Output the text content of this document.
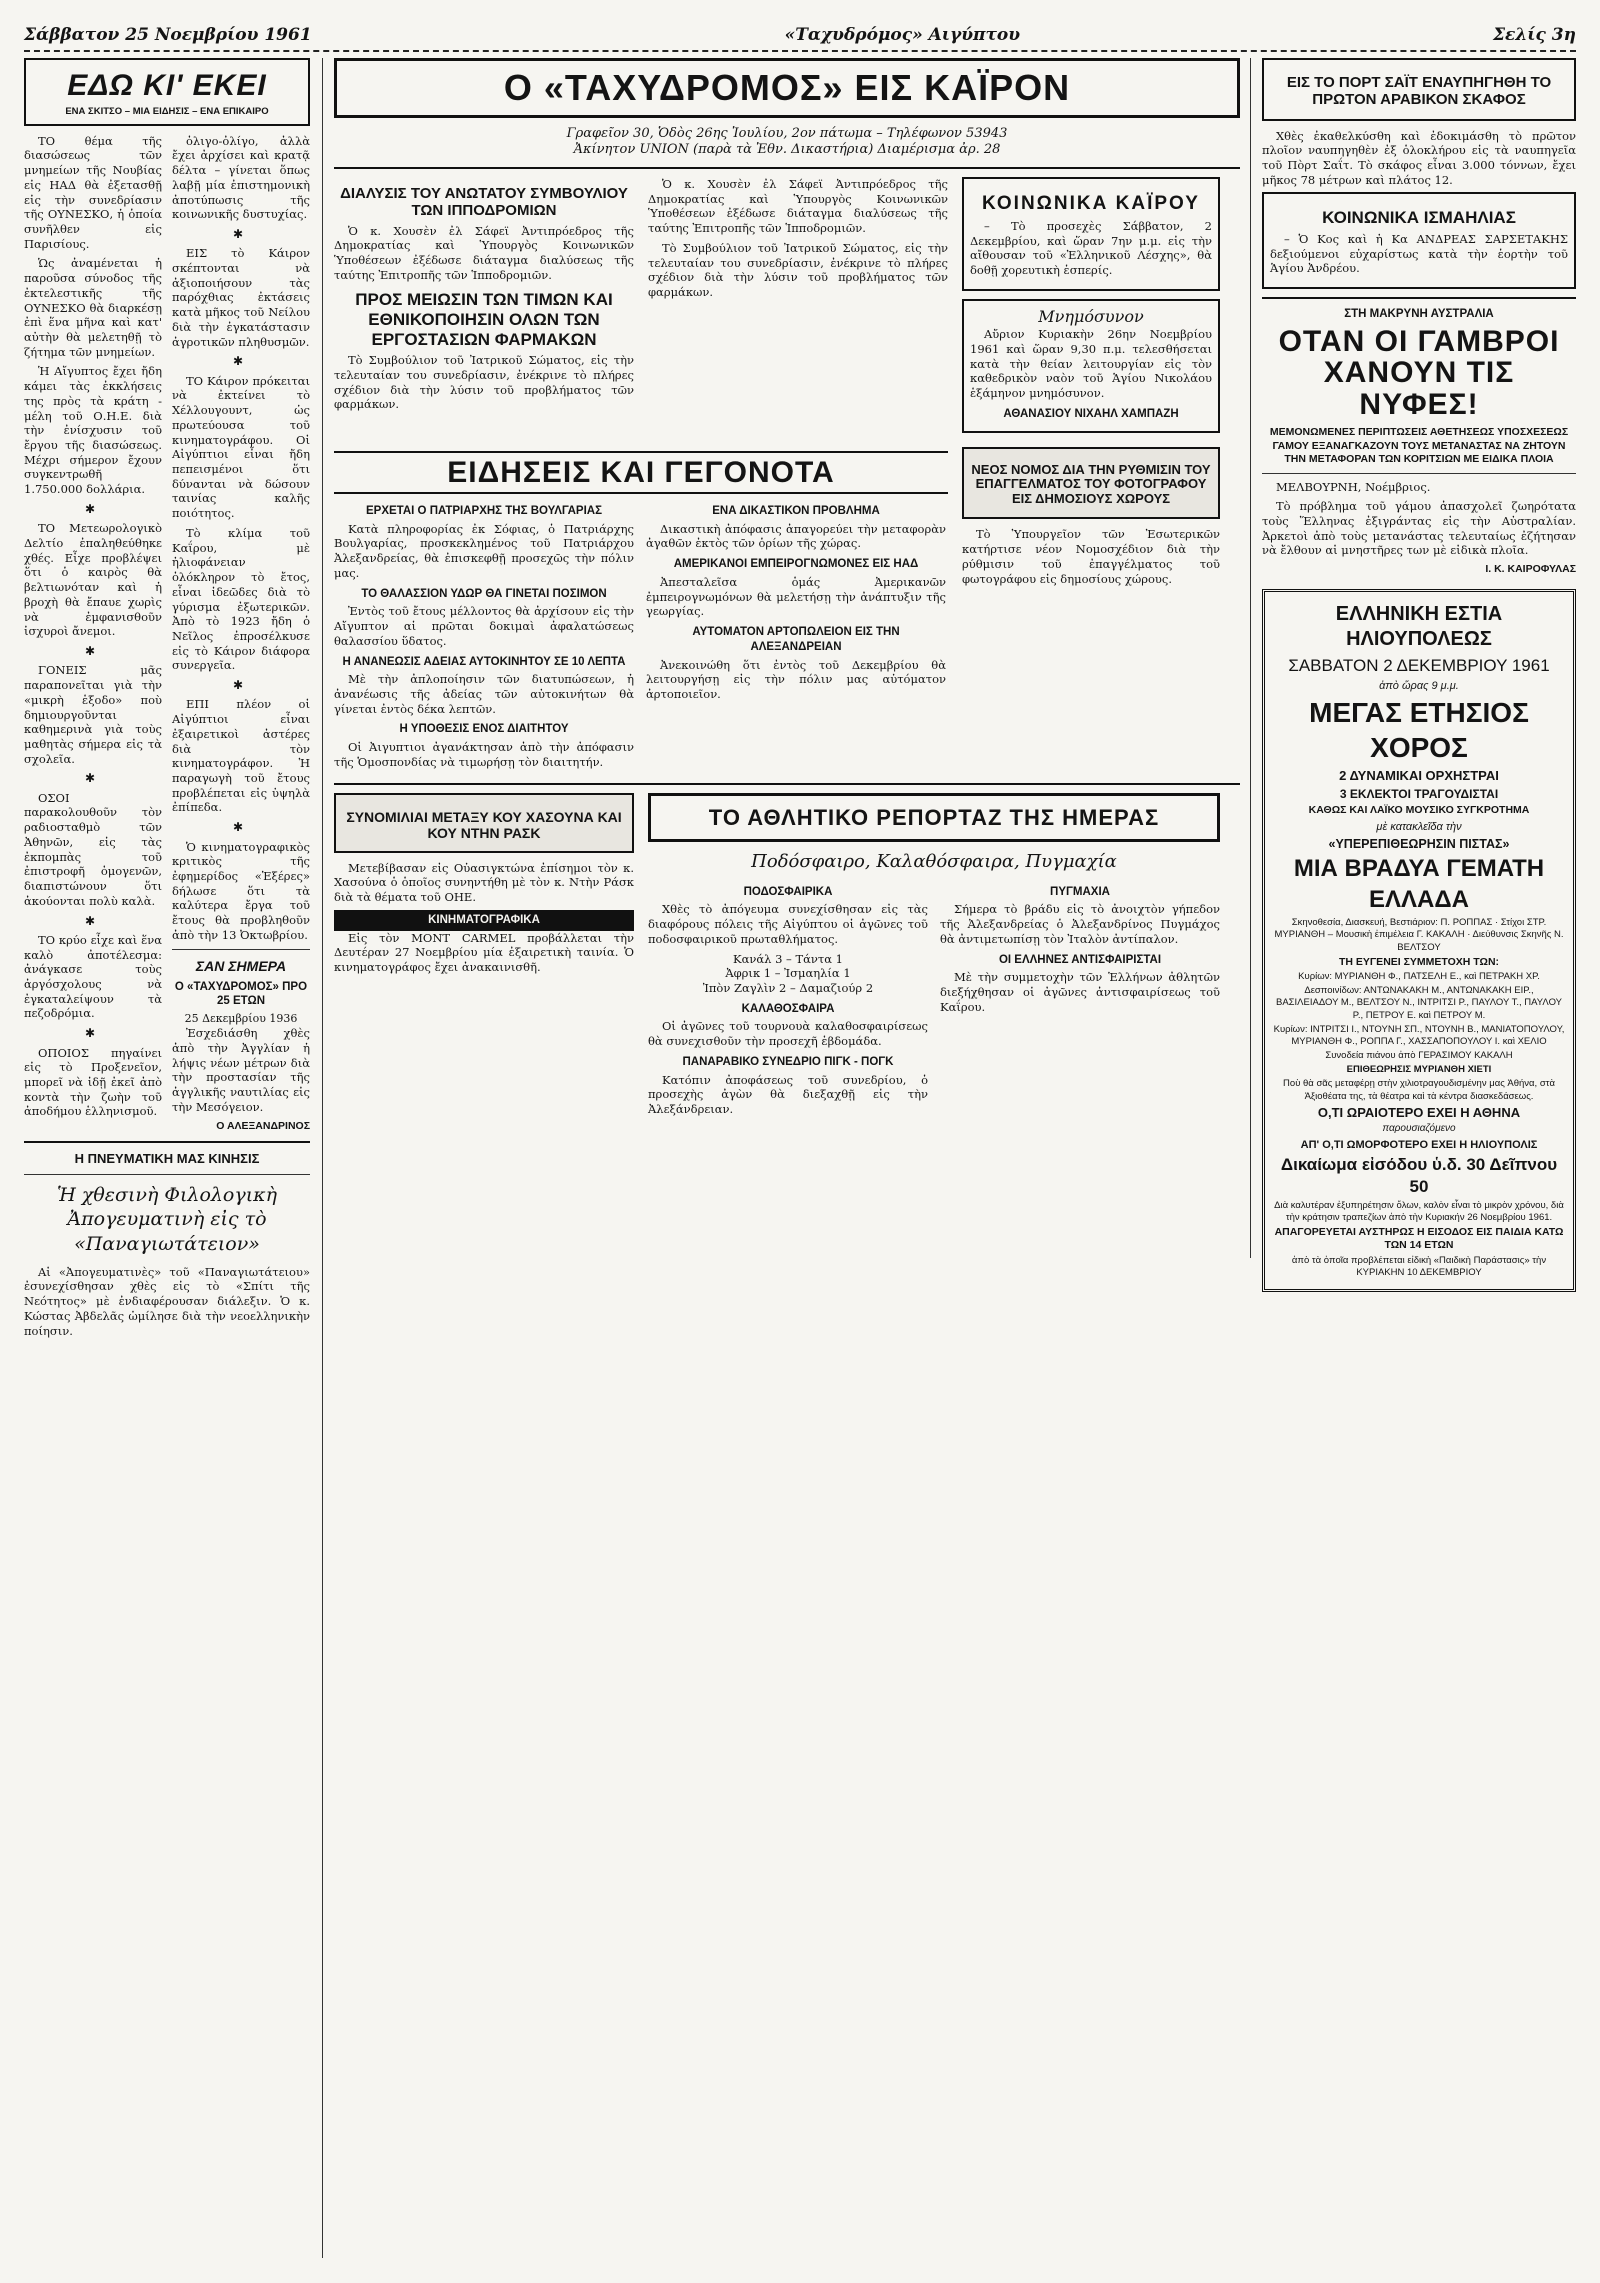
Σάββατον 25 Νοεμβρίου 1961	«Ταχυδρόμος» Αιγύπτου	Σελίς 3η
ΕΔΩ ΚΙ' ΕΚΕΙ
ΕΝΑ ΣΚΙΤΣΟ – ΜΙΑ ΕΙΔΗΣΙΣ – ΕΝΑ ΕΠΙΚΑΙΡΟ

ΤΟ θέμα τῆς διασώσεως τῶν μνημείων τῆς Νουβίας εἰς ΗΑΔ θὰ ἐξετασθῇ εἰς τὴν συνεδρίασιν τῆς ΟΥΝΕΣΚΟ, ἡ ὁποία συνῆλθεν εἰς Παρισίους.

Ὡς ἀναμένεται ἡ παροῦσα σύνοδος τῆς ἐκτελεστικῆς τῆς ΟΥΝΕΣΚΟ θὰ διαρκέσῃ ἐπὶ ἕνα μῆνα καὶ κατ' αὐτὴν θὰ μελετηθῇ τὸ ζήτημα τῶν μνημείων.

Ἡ Αἴγυπτος ἔχει ἤδη κάμει τὰς ἐκκλήσεις της πρὸς τὰ κράτη - μέλη τοῦ Ο.Η.Ε. διὰ τὴν ἐνίσχυσιν τοῦ ἔργου τῆς διασώσεως. Μέχρι σήμερον ἔχουν συγκεντρωθῆ 1.750.000 δολλάρια.

✱

ΤΟ Μετεωρολογικὸ Δελτίο ἐπαληθεύθηκε χθές. Εἶχε προβλέψει ὅτι ὁ καιρὸς θὰ βελτιωνόταν καὶ ἡ βροχὴ θὰ ἔπαυε χωρὶς νὰ ἐμφανισθοῦν ἰσχυροὶ ἄνεμοι.

✱

ΓΟΝΕΙΣ μᾶς παραπονεῖται γιὰ τὴν «μικρὴ ἑξοδο» ποὺ δημιουργοῦνται καθημερινὰ γιὰ τοὺς μαθητὰς σήμερα εἰς τὰ σχολεῖα.

✱

ΟΣΟΙ παρακολουθοῦν τὸν ραδιοσταθμὸ τῶν Ἀθηνῶν, εἰς τὰς ἐκπομπὰς τοῦ ἐπιστροφῆ ὁμογενῶν, διαπιστώνουν ὅτι ἀκούονται πολὺ καλὰ.

✱

ΤΟ κρύο εἶχε καὶ ἕνα καλὸ ἀποτέλεσμα: ἀνάγκασε τοὺς ἀργόσχολους νὰ ἐγκαταλείψουν τὰ πεζοδρόμια.

✱

ΟΠΟΙΟΣ πηγαίνει εἰς τὸ Προξενεῖον, μπορεῖ νὰ ἰδῇ ἐκεῖ ἀπὸ κοντὰ τὴν ζωὴν τοῦ ἀποδήμου ἑλληνισμοῦ.

ὁλιγο-ὀλίγο, ἀλλὰ ἔχει ἀρχίσει καὶ κρατᾷ δέλτα – γίνεται ὅπως λαβῇ μία ἐπιστημονικὴ ἀποτύπωσις τῆς κοινωνικῆς δυστυχίας.

✱

ΕΙΣ τὸ Κάιρον σκέπτονται νὰ ἀξιοποιήσουν τὰς παρόχθιας ἐκτάσεις κατὰ μῆκος τοῦ Νείλου διὰ τὴν ἐγκατάστασιν ἀγροτικῶν πληθυσμῶν.

✱

ΤΟ Κάιρον πρόκειται νὰ ἐκτείνει τὸ Χέλλουγουντ, ὡς πρωτεύουσα τοῦ κινηματογράφου. Οἱ Αἰγύπτιοι εἶναι ἤδη πεπεισμένοι ὅτι δύνανται νὰ δώσουν ταινίας καλῆς ποιότητος.

Τὸ κλίμα τοῦ Καΐρου, μὲ ἡλιοφάνειαν ὁλόκληρον τὸ ἔτος, εἶναι ἰδεῶδες διὰ τὸ γύρισμα ἐξωτερικῶν. Ἀπὸ τὸ 1923 ἤδη ὁ Νεῖλος ἐπροσέλκυσε εἰς τὸ Κάιρον διάφορα συνεργεῖα.

✱

ΕΠΙ πλέον οἱ Αἰγύπτιοι εἶναι ἐξαιρετικοὶ ἀστέρες διὰ τὸν κινηματογράφον. Ἡ παραγωγὴ τοῦ ἔτους προβλέπεται εἰς ὑψηλὰ ἐπίπεδα.

✱

Ὁ κινηματογραφικὸς κριτικὸς τῆς ἐφημερίδος «Ἑξέρες» δήλωσε ὅτι τὰ καλύτερα ἔργα τοῦ ἔτους θὰ προβληθοῦν ἀπὸ τὴν 13 Ὀκτωβρίου.

ΣΑΝ ΣΗΜΕΡΑ
Ο «ΤΑΧΥΔΡΟΜΟΣ» ΠΡΟ 25 ΕΤΩΝ
25 Δεκεμβρίου 1936

Ἐσχεδιάσθη χθὲς ἀπὸ τὴν Ἀγγλίαν ἡ λήψις νέων μέτρων διὰ τὴν προστασίαν τῆς ἀγγλικῆς ναυτιλίας εἰς τὴν Μεσόγειον.

Ο ΑΛΕΞΑΝΔΡΙΝΟΣ
Η ΠΝΕΥΜΑΤΙΚΗ ΜΑΣ ΚΙΝΗΣΙΣ
Ἡ χθεσινὴ Φιλολογικὴ Ἀπογευματινὴ εἰς τὸ «Παναγιωτάτειον»

Αἱ «Ἀπογευματινὲς» τοῦ «Παναγιωτάτειου» ἐσυνεχίσθησαν χθὲς εἰς τὸ «Σπίτι τῆς Νεότητος» μὲ ἐνδιαφέρουσαν διάλεξιν. Ὁ κ. Κώστας Ἀβδελᾶς ὡμίλησε διὰ τὴν νεοελληνικὴν ποίησιν.

Ο «ΤΑΧΥΔΡΟΜΟΣ» ΕΙΣ ΚΑΪΡΟΝ
Γραφεῖον 30, Ὁδὸς 26ης Ἰουλίου, 2ον πάτωμα – Τηλέφωνον 53943
Ἀκίνητον UNION (παρὰ τὰ Ἐθν. Δικαστήρια) Διαμέρισμα ἀρ. 28
ΔΙΑΛΥΣΙΣ ΤΟΥ ΑΝΩΤΑΤΟΥ ΣΥΜΒΟΥΛΙΟΥ ΤΩΝ ΙΠΠΟΔΡΟΜΙΩΝ

Ὁ κ. Χουσὲν ἐλ Σάφεϊ Ἀντιπρόεδρος τῆς Δημοκρατίας καὶ Ὑπουργὸς Κοινωνικῶν Ὑποθέσεων ἐξέδωσε διάταγμα διαλύσεως τῆς ταύτης Ἐπιτροπῆς τῶν Ἱπποδρομιῶν.

ΠΡΟΣ ΜΕΙΩΣΙΝ ΤΩΝ ΤΙΜΩΝ ΚΑΙ ΕΘΝΙΚΟΠΟΙΗΣΙΝ ΟΛΩΝ ΤΩΝ ΕΡΓΟΣΤΑΣΙΩΝ ΦΑΡΜΑΚΩΝ

Τὸ Συμβούλιον τοῦ Ἰατρικοῦ Σώματος, εἰς τὴν τελευταίαν του συνεδρίασιν, ἐνέκρινε τὸ πλήρες σχέδιον διὰ τὴν λύσιν τοῦ προβλήματος τῶν φαρμάκων.

Ὁ κ. Χουσὲν ἐλ Σάφεϊ Ἀντιπρόεδρος τῆς Δημοκρατίας καὶ Ὑπουργὸς Κοινωνικῶν Ὑποθέσεων ἐξέδωσε διάταγμα διαλύσεως τῆς ταύτης Ἐπιτροπῆς τῶν Ἱπποδρομιῶν.

Τὸ Συμβούλιον τοῦ Ἰατρικοῦ Σώματος, εἰς τὴν τελευταίαν του συνεδρίασιν, ἐνέκρινε τὸ πλήρες σχέδιον διὰ τὴν λύσιν τοῦ προβλήματος τῶν φαρμάκων.

ΚΟΙΝΩΝΙΚΑ ΚΑΪΡΟΥ

– Τὸ προσεχὲς Σάββατον, 2 Δεκεμβρίου, καὶ ὥραν 7ην μ.μ. εἰς τὴν αἴθουσαν τοῦ «Ἑλληνικοῦ Λέσχης», θὰ δοθῇ χορευτικὴ ἑσπερίς.

Μνημόσυνον

Αὔριον Κυριακὴν 26ην Νοεμβρίου 1961 καὶ ὥραν 9,30 π.μ. τελεσθήσεται κατὰ τὴν θείαν λειτουργίαν εἰς τὸν καθεδρικὸν ναὸν τοῦ Ἁγίου Νικολάου ἑξάμηνον μνημόσυνον.

ΑΘΑΝΑΣΙΟΥ ΝΙΧΑΗΛ ΧΑΜΠΑΖΗ
ΕΙΔΗΣΕΙΣ ΚΑΙ ΓΕΓΟΝΟΤΑ
ΕΡΧΕΤΑΙ Ο ΠΑΤΡΙΑΡΧΗΣ ΤΗΣ ΒΟΥΛΓΑΡΙΑΣ

Κατὰ πληροφορίας ἐκ Σόφιας, ὁ Πατριάρχης Βουλγαρίας, προσκεκλημένος τοῦ Πατριάρχου Ἀλεξανδρείας, θὰ ἐπισκεφθῇ προσεχῶς τὴν πόλιν μας.

ΤΟ ΘΑΛΑΣΣΙΟΝ ΥΔΩΡ ΘΑ ΓΙΝΕΤΑΙ ΠΟΣΙΜΟΝ

Ἐντὸς τοῦ ἔτους μέλλοντος θὰ ἀρχίσουν εἰς τὴν Αἴγυπτον αἱ πρῶται δοκιμαὶ ἀφαλατώσεως θαλασσίου ὕδατος.

Η ΑΝΑΝΕΩΣΙΣ ΑΔΕΙΑΣ ΑΥΤΟΚΙΝΗΤΟΥ ΣΕ 10 ΛΕΠΤΑ

Μὲ τὴν ἀπλοποίησιν τῶν διατυπώσεων, ἡ ἀνανέωσις τῆς ἀδείας τῶν αὐτοκινήτων θὰ γίνεται ἐντὸς δέκα λεπτῶν.

Η ΥΠΟΘΕΣΙΣ ΕΝΟΣ ΔΙΑΙΤΗΤΟΥ

Οἱ Ἀιγυπτιοι ἀγανάκτησαν ἀπὸ τὴν ἀπόφασιν τῆς Ὁμοσπονδίας νὰ τιμωρήσῃ τὸν διαιτητήν.

ΕΝΑ ΔΙΚΑΣΤΙΚΟΝ ΠΡΟΒΛΗΜΑ

Δικαστικὴ ἀπόφασις ἀπαγορεύει τὴν μεταφορὰν ἀγαθῶν ἐκτὸς τῶν ὁρίων τῆς χώρας.

ΑΜΕΡΙΚΑΝΟΙ ΕΜΠΕΙΡΟΓΝΩΜΟΝΕΣ ΕΙΣ ΗΑΔ

Ἀπεσταλεῖσα ὁμάς Ἀμερικανῶν ἐμπειρογνωμόνων θὰ μελετήσῃ τὴν ἀνάπτυξιν τῆς γεωργίας.

ΑΥΤΟΜΑΤΟΝ ΑΡΤΟΠΩΛΕΙΟΝ ΕΙΣ ΤΗΝ ΑΛΕΞΑΝΔΡΕΙΑΝ

Ἀνεκοινώθη ὅτι ἐντὸς τοῦ Δεκεμβρίου θὰ λειτουργήσῃ εἰς τὴν πόλιν μας αὐτόματον ἀρτοποιεῖον.

ΝΕΟΣ ΝΟΜΟΣ ΔΙΑ ΤΗΝ ΡΥΘΜΙΣΙΝ ΤΟΥ ΕΠΑΓΓΕΛΜΑΤΟΣ ΤΟΥ ΦΟΤΟΓΡΑΦΟΥ ΕΙΣ ΔΗΜΟΣΙΟΥΣ ΧΩΡΟΥΣ

Τὸ Ὑπουργεῖον τῶν Ἐσωτερικῶν κατήρτισε νέον Νομοσχέδιον διὰ τὴν ρύθμισιν τοῦ ἐπαγγέλματος τοῦ φωτογράφου εἰς δημοσίους χώρους.

ΣΥΝΟΜΙΛΙΑΙ ΜΕΤΑΞΥ ΚΟΥ ΧΑΣΟΥΝΑ ΚΑΙ ΚΟΥ ΝΤΗΝ ΡΑΣΚ

Μετεβίβασαν εἰς Οὐασιγκτώνα ἐπίσημοι τὸν κ. Χασούνα ὁ ὁποῖος συνηντήθη μὲ τὸν κ. Ντὴν Ράσκ διὰ τὰ θέματα τοῦ ΟΗΕ.

ΚΙΝΗΜΑΤΟΓΡΑΦΙΚΑ

Εἰς τὸν MONT CARMEL προβάλλεται τὴν Δευτέραν 27 Νοεμβρίου μία ἐξαιρετικὴ ταινία. Ὁ κινηματογράφος ἔχει ἀνακαινισθῆ.

ΤΟ ΑΘΛΗΤΙΚΟ ΡΕΠΟΡΤΑΖ ΤΗΣ ΗΜΕΡΑΣ
Ποδόσφαιρο, Καλαθόσφαιρα, Πυγμαχία
ΠΟΔΟΣΦΑΙΡΙΚΑ

Χθὲς τὸ ἀπόγευμα συνεχίσθησαν εἰς τὰς διαφόρους πόλεις τῆς Αἰγύπτου οἱ ἀγῶνες τοῦ ποδοσφαιρικοῦ πρωταθλήματος.

Κανάλ 3 – Τάντα 1
Ἀφρικ 1 – Ἰσμαηλία 1
Ἰπὸν Ζαγλὶν 2 – Δαμαζιούρ 2
ΚΑΛΑΘΟΣΦΑΙΡΑ

Οἱ ἀγῶνες τοῦ τουρνουὰ καλαθοσφαιρίσεως θὰ συνεχισθοῦν τὴν προσεχῆ ἑβδομάδα.

ΠΑΝΑΡΑΒΙΚΟ ΣΥΝΕΔΡΙΟ ΠΙΓΚ - ΠΟΓΚ

Κατόπιν ἀποφάσεως τοῦ συνεδρίου, ὁ προσεχὴς ἀγὼν θὰ διεξαχθῇ εἰς τὴν Ἀλεξάνδρειαν.

ΠΥΓΜΑΧΙΑ

Σήμερα τὸ βράδυ εἰς τὸ ἀνοιχτὸν γήπεδον τῆς Ἀλεξανδρείας ὁ Ἀλεξανδρίνος Πυγμάχος θὰ ἀντιμετωπίσῃ τὸν Ἰταλὸν ἀντίπαλον.

ΟΙ ΕΛΛΗΝΕΣ ΑΝΤΙΣΦΑΙΡΙΣΤΑΙ

Μὲ τὴν συμμετοχὴν τῶν Ἑλλήνων ἀθλητῶν διεξήχθησαν οἱ ἀγῶνες ἀντισφαιρίσεως τοῦ Καΐρου.

ΕΙΣ ΤΟ ΠΟΡΤ ΣΑΪΤ ΕΝΑΥΠΗΓΗΘΗ ΤΟ ΠΡΩΤΟΝ ΑΡΑΒΙΚΟΝ ΣΚΑΦΟΣ

Χθὲς ἐκαθελκύσθη καὶ ἐδοκιμάσθη τὸ πρῶτον πλοῖον ναυπηγηθὲν ἐξ ὁλοκλήρου εἰς τὰ ναυπηγεῖα τοῦ Πὸρτ Σαΐτ. Τὸ σκάφος εἶναι 3.000 τόννων, ἔχει μῆκος 78 μέτρων καὶ πλάτος 12.

ΚΟΙΝΩΝΙΚΑ ΙΣΜΑΗΛΙΑΣ

– Ὁ Κος καὶ ἡ Κα ΑΝΔΡΕΑΣ ΣΑΡΣΕΤΑΚΗΣ δεξιούμενοι εὐχαρίστως κατὰ τὴν ἑορτὴν τοῦ Ἁγίου Ἀνδρέου.

ΣΤΗ ΜΑΚΡΥΝΗ ΑΥΣΤΡΑΛΙΑ
ΟΤΑΝ ΟΙ ΓΑΜΒΡΟΙ ΧΑΝΟΥΝ ΤΙΣ ΝΥΦΕΣ!
ΜΕΜΟΝΩΜΕΝΕΣ ΠΕΡΙΠΤΩΣΕΙΣ ΑΘΕΤΗΣΕΩΣ ΥΠΟΣΧΕΣΕΩΣ ΓΑΜΟΥ ΕΞΑΝΑΓΚΑΖΟΥΝ ΤΟΥΣ ΜΕΤΑΝΑΣΤΑΣ ΝΑ ΖΗΤΟΥΝ ΤΗΝ ΜΕΤΑΦΟΡΑΝ ΤΩΝ ΚΟΡΙΤΣΙΩΝ ΜΕ ΕΙΔΙΚΑ ΠΛΟΙΑ

ΜΕΛΒΟΥΡΝΗ, Νοέμβριος.

Τὸ πρόβλημα τοῦ γάμου ἀπασχολεῖ ζωηρότατα τοὺς Ἕλληνας ἐξιγράντας εἰς τὴν Αὐστραλίαν. Ἀρκετοὶ ἀπὸ τοὺς μετανάστας τελευταίως ἐζήτησαν νὰ ἔλθουν αἱ μνηστῆρες των μὲ εἰδικὰ πλοῖα.

Ι. Κ. ΚΑΙΡΟΦΥΛΑΣ
ΕΛΛΗΝΙΚΗ ΕΣΤΙΑ ΗΛΙΟΥΠΟΛΕΩΣ
ΣΑΒΒΑΤΟΝ 2 ΔΕΚΕΜΒΡΙΟΥ 1961
ἀπὸ ὥρας 9 μ.μ.
ΜΕΓΑΣ ΕΤΗΣΙΟΣ ΧΟΡΟΣ
2 ΔΥΝΑΜΙΚΑΙ ΟΡΧΗΣΤΡΑΙ
3 ΕΚΛΕΚΤΟΙ ΤΡΑΓΟΥΔΙΣΤΑΙ
ΚΑΘΩΣ ΚΑΙ ΛΑΪΚΟ ΜΟΥΣΙΚΟ ΣΥΓΚΡΟΤΗΜΑ
μὲ κατακλεῖδα τὴν
«ΥΠΕΡΕΠΙΘΕΩΡΗΣΙΝ ΠΙΣΤΑΣ»
ΜΙΑ ΒΡΑΔΥΑ ΓΕΜΑΤΗ ΕΛΛΑΔΑ
Σκηνοθεσία, Διασκευή, Βεστιάριον: Π. ΡΟΠΠΑΣ · Στίχοι ΣΤΡ. ΜΥΡΙΑΝΘΗ – Μουσικὴ ἐπιμέλεια Γ. ΚΑΚΑΛΗ · Διεύθυνσις Σκηνῆς Ν. ΒΕΛΤΣΟΥ
ΤΗ ΕΥΓΕΝΕΙ ΣΥΜΜΕΤΟΧΗ ΤΩΝ:
Κυρίων: ΜΥΡΙΑΝΘΗ Φ., ΠΑΤΣΕΛΗ Ε., καὶ ΠΕΤΡΑΚΗ ΧΡ.
Δεσποινίδων: ΑΝΤΩΝΑΚΑΚΗ Μ., ΑΝΤΩΝΑΚΑΚΗ ΕΙΡ., ΒΑΣΙΛΕΙΑΔΟΥ Μ., ΒΕΛΤΣΟΥ Ν., ΙΝΤΡΙΤΣΙ Ρ., ΠΑΥΛΟΥ Τ., ΠΑΥΛΟΥ Ρ., ΠΕΤΡΟΥ Ε. καὶ ΠΕΤΡΟΥ Μ.
Κυρίων: ΙΝΤΡΙΤΣΙ Ι., ΝΤΟΥΝΗ ΣΠ., ΝΤΟΥΝΗ Β., ΜΑΝΙΑΤΟΠΟΥΛΟΥ, ΜΥΡΙΑΝΘΗ Φ., ΡΟΠΠΑ Γ., ΧΑΣΣΑΠΟΠΟΥΛΟΥ Ι. καὶ ΧΕΛΙΟ
Συνοδεία πιάνου ἀπὸ ΓΕΡΑΣΙΜΟΥ ΚΑΚΑΛΗ
ΕΠΙΘΕΩΡΗΣΙΣ ΜΥΡΙΑΝΘΗ ΧΙΕΤΙ
Ποὺ θὰ σᾶς μεταφέρῃ στὴν χιλιοτραγουδισμένην μας Ἀθήνα, στὰ Ἀξιοθέατα της, τὰ θέατρα καὶ τὰ κέντρα διασκεδάσεως.
Ο,ΤΙ ΩΡΑΙΟΤΕΡΟ ΕΧΕΙ Η ΑΘΗΝΑ
παρουσιαζόμενο
ΑΠ' Ο,ΤΙ ΩΜΟΡΦΟΤΕΡΟ ΕΧΕΙ Η ΗΛΙΟΥΠΟΛΙΣ
Δικαίωμα εἰσόδου ὑ.δ. 30 Δεῖπνου 50
Διὰ καλυτέραν ἐξυπηρέτησιν ὅλων, καλὸν εἶναι τὸ μικρὸν χρόνου, διὰ τὴν κράτησιν τραπεζίων ἀπὸ τὴν Κυριακήν 26 Νοεμβρίου 1961.
ΑΠΑΓΟΡΕΥΕΤΑΙ ΑΥΣΤΗΡΩΣ Η ΕΙΣΟΔΟΣ ΕΙΣ ΠΑΙΔΙΑ ΚΑΤΩ ΤΩΝ 14 ΕΤΩΝ
ἀπὸ τὰ ὁποῖα προβλέπεται εἰδικὴ «Παιδικὴ Παράστασις» τὴν ΚΥΡΙΑΚΗΝ 10 ΔΕΚΕΜΒΡΙΟΥ
